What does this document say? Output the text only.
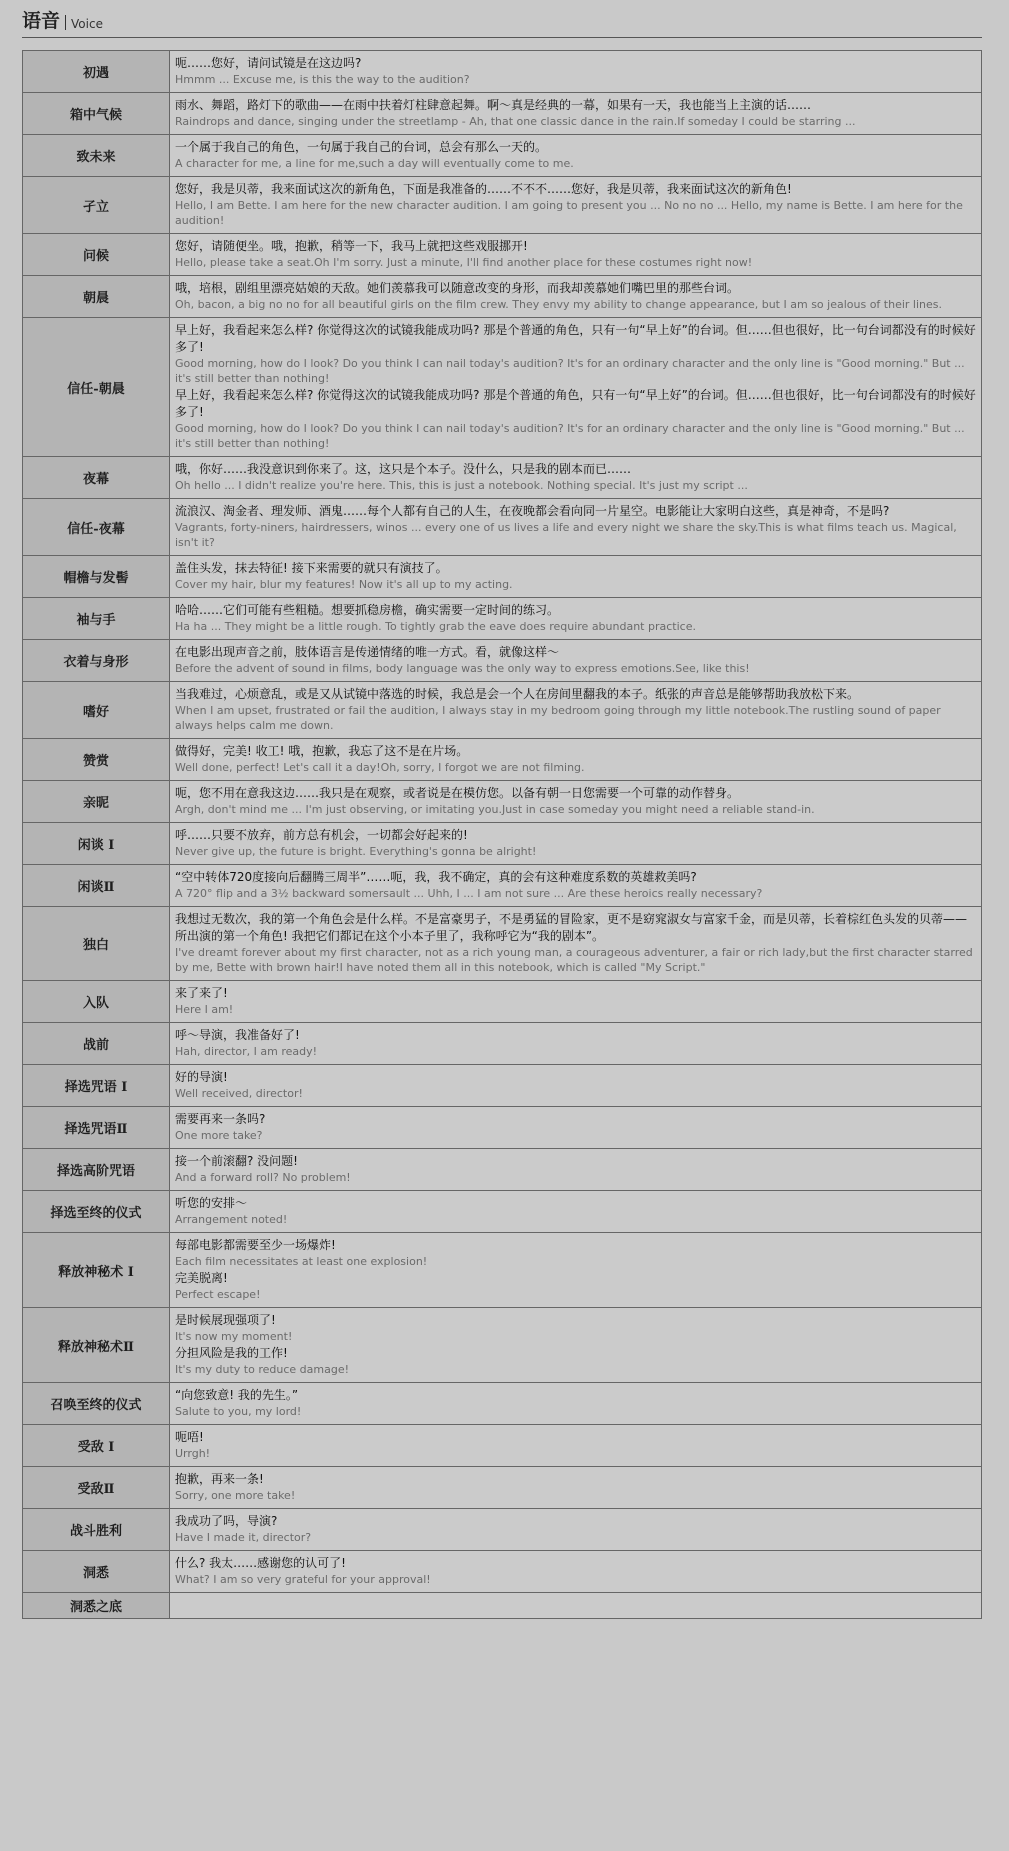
语音 Voice
初遇	呃……您好，请问试镜是在这边吗?
Hmmm ... Excuse me, is this the way to the audition?

箱中气候	雨水、舞蹈，路灯下的歌曲——在雨中扶着灯柱肆意起舞。啊～真是经典的一幕，如果有一天，我也能当上主演的话……
Raindrops and dance, singing under the streetlamp - Ah, that one classic dance in the rain.If someday I could be starring ...

致未来	一个属于我自己的角色，一句属于我自己的台词，总会有那么一天的。
A character for me, a line for me,such a day will eventually come to me.

孑立	您好，我是贝蒂，我来面试这次的新角色，下面是我准备的……不不不……您好，我是贝蒂，我来面试这次的新角色!
Hello, I am Bette. I am here for the new character audition. I am going to present you ... No no no ... Hello, my name is Bette. I am here for the audition!

问候	您好，请随便坐。哦，抱歉，稍等一下，我马上就把这些戏服挪开!
Hello, please take a seat.Oh I'm sorry. Just a minute, I'll find another place for these costumes right now!

朝晨	哦，培根，剧组里漂亮姑娘的天敌。她们羡慕我可以随意改变的身形，而我却羡慕她们嘴巴里的那些台词。
Oh, bacon, a big no no for all beautiful girls on the film crew. They envy my ability to change appearance, but I am so jealous of their lines.

信任-朝晨	早上好，我看起来怎么样? 你觉得这次的试镜我能成功吗? 那是个普通的角色，只有一句“早上好”的台词。但……但也很好，比一句台词都没有的时候好多了!
Good morning, how do I look? Do you think I can nail today's audition? It's for an ordinary character and the only line is "Good morning." But ... it's still better than nothing!
早上好，我看起来怎么样? 你觉得这次的试镜我能成功吗? 那是个普通的角色，只有一句“早上好”的台词。但……但也很好，比一句台词都没有的时候好多了!
Good morning, how do I look? Do you think I can nail today's audition? It's for an ordinary character and the only line is "Good morning." But ... it's still better than nothing!

夜幕	哦，你好……我没意识到你来了。这，这只是个本子。没什么，只是我的剧本而已……
Oh hello ... I didn't realize you're here. This, this is just a notebook. Nothing special. It's just my script ...

信任-夜幕	流浪汉、淘金者、理发师、酒鬼……每个人都有自己的人生，在夜晚都会看向同一片星空。电影能让大家明白这些，真是神奇，不是吗?
Vagrants, forty-niners, hairdressers, winos ... every one of us lives a life and every night we share the sky.This is what films teach us. Magical, isn't it?

帽檐与发髻	盖住头发，抹去特征! 接下来需要的就只有演技了。
Cover my hair, blur my features! Now it's all up to my acting.

袖与手	哈哈……它们可能有些粗糙。想要抓稳房檐，确实需要一定时间的练习。
Ha ha ... They might be a little rough. To tightly grab the eave does require abundant practice.

衣着与身形	在电影出现声音之前，肢体语言是传递情绪的唯一方式。看，就像这样～
Before the advent of sound in films, body language was the only way to express emotions.See, like this!

嗜好	当我难过，心烦意乱，或是又从试镜中落选的时候，我总是会一个人在房间里翻我的本子。纸张的声音总是能够帮助我放松下来。
When I am upset, frustrated or fail the audition, I always stay in my bedroom going through my little notebook.The rustling sound of paper always helps calm me down.

赞赏	做得好，完美! 收工! 哦，抱歉，我忘了这不是在片场。
Well done, perfect! Let's call it a day!Oh, sorry, I forgot we are not filming.

亲昵	呃，您不用在意我这边……我只是在观察，或者说是在模仿您。以备有朝一日您需要一个可靠的动作替身。
Argh, don't mind me ... I'm just observing, or imitating you.Just in case someday you might need a reliable stand-in.

闲谈 I	呼……只要不放弃，前方总有机会，一切都会好起来的!
Never give up, the future is bright. Everything's gonna be alright!

闲谈Ⅱ	“空中转体720度接向后翻腾三周半”……呃，我，我不确定，真的会有这种难度系数的英雄救美吗?
A 720° flip and a 3½ backward somersault ... Uhh, I ... I am not sure ... Are these heroics really necessary?

独白	我想过无数次，我的第一个角色会是什么样。不是富豪男子，不是勇猛的冒险家，更不是窈窕淑女与富家千金，而是贝蒂，长着棕红色头发的贝蒂——所出演的第一个角色! 我把它们都记在这个小本子里了，我称呼它为“我的剧本”。
I've dreamt forever about my first character, not as a rich young man, a courageous adventurer, a fair or rich lady,but the first character starred by me, Bette with brown hair!I have noted them all in this notebook, which is called "My Script."

入队	来了来了!
Here I am!

战前	呼～导演，我准备好了!
Hah, director, I am ready!

择选咒语 I	好的导演!
Well received, director!

择选咒语Ⅱ	需要再来一条吗?
One more take?

择选高阶咒语	接一个前滚翻? 没问题!
And a forward roll? No problem!

择选至终的仪式	听您的安排～
Arrangement noted!

释放神秘术 I	每部电影都需要至少一场爆炸!
Each film necessitates at least one explosion!
完美脱离!
Perfect escape!

释放神秘术Ⅱ	是时候展现强项了!
It's now my moment!
分担风险是我的工作!
It's my duty to reduce damage!

召唤至终的仪式	“向您致意! 我的先生。”
Salute to you, my lord!

受敌 I	呃唔!
Urrgh!

受敌Ⅱ	抱歉，再来一条!
Sorry, one more take!

战斗胜利	我成功了吗，导演?
Have I made it, director?

洞悉	什么? 我太……感谢您的认可了!
What? I am so very grateful for your approval!

洞悉之底	
